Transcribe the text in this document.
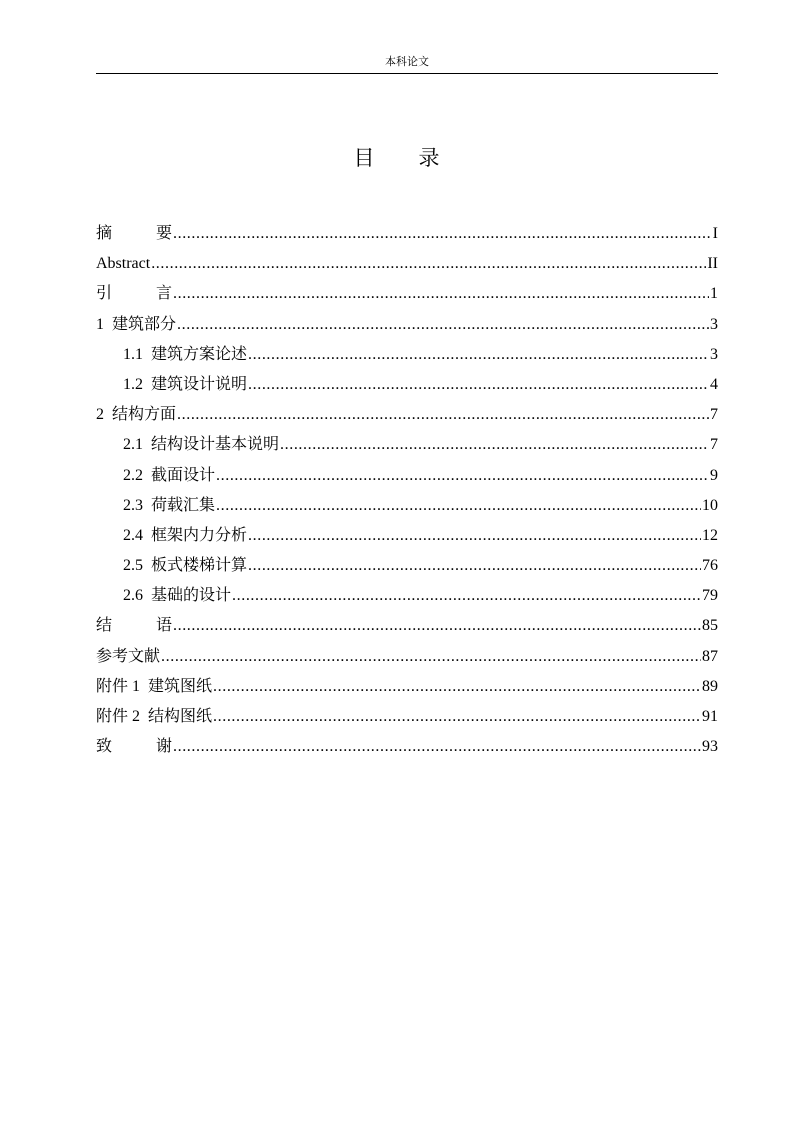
本科论文
目 录
摘	要 .....	I
Abstract .....	II
引	言 .....	1
1 建筑部分 .....	3
1.1 建筑方案论述 .....	3
1.2 建筑设计说明 .....	4
2 结构方面 .....	7
2.1 结构设计基本说明 .....	7
2.2 截面设计 .....	9
2.3 荷载汇集 .....	10
2.4 框架内力分析 .....	12
2.5 板式楼梯计算 .....	76
2.6 基础的设计 .....	79
结	语 .....	85
参考文献 .....	87
附件 1  建筑图纸 .....	89
附件 2  结构图纸 .....	91
致	谢 .....	93
